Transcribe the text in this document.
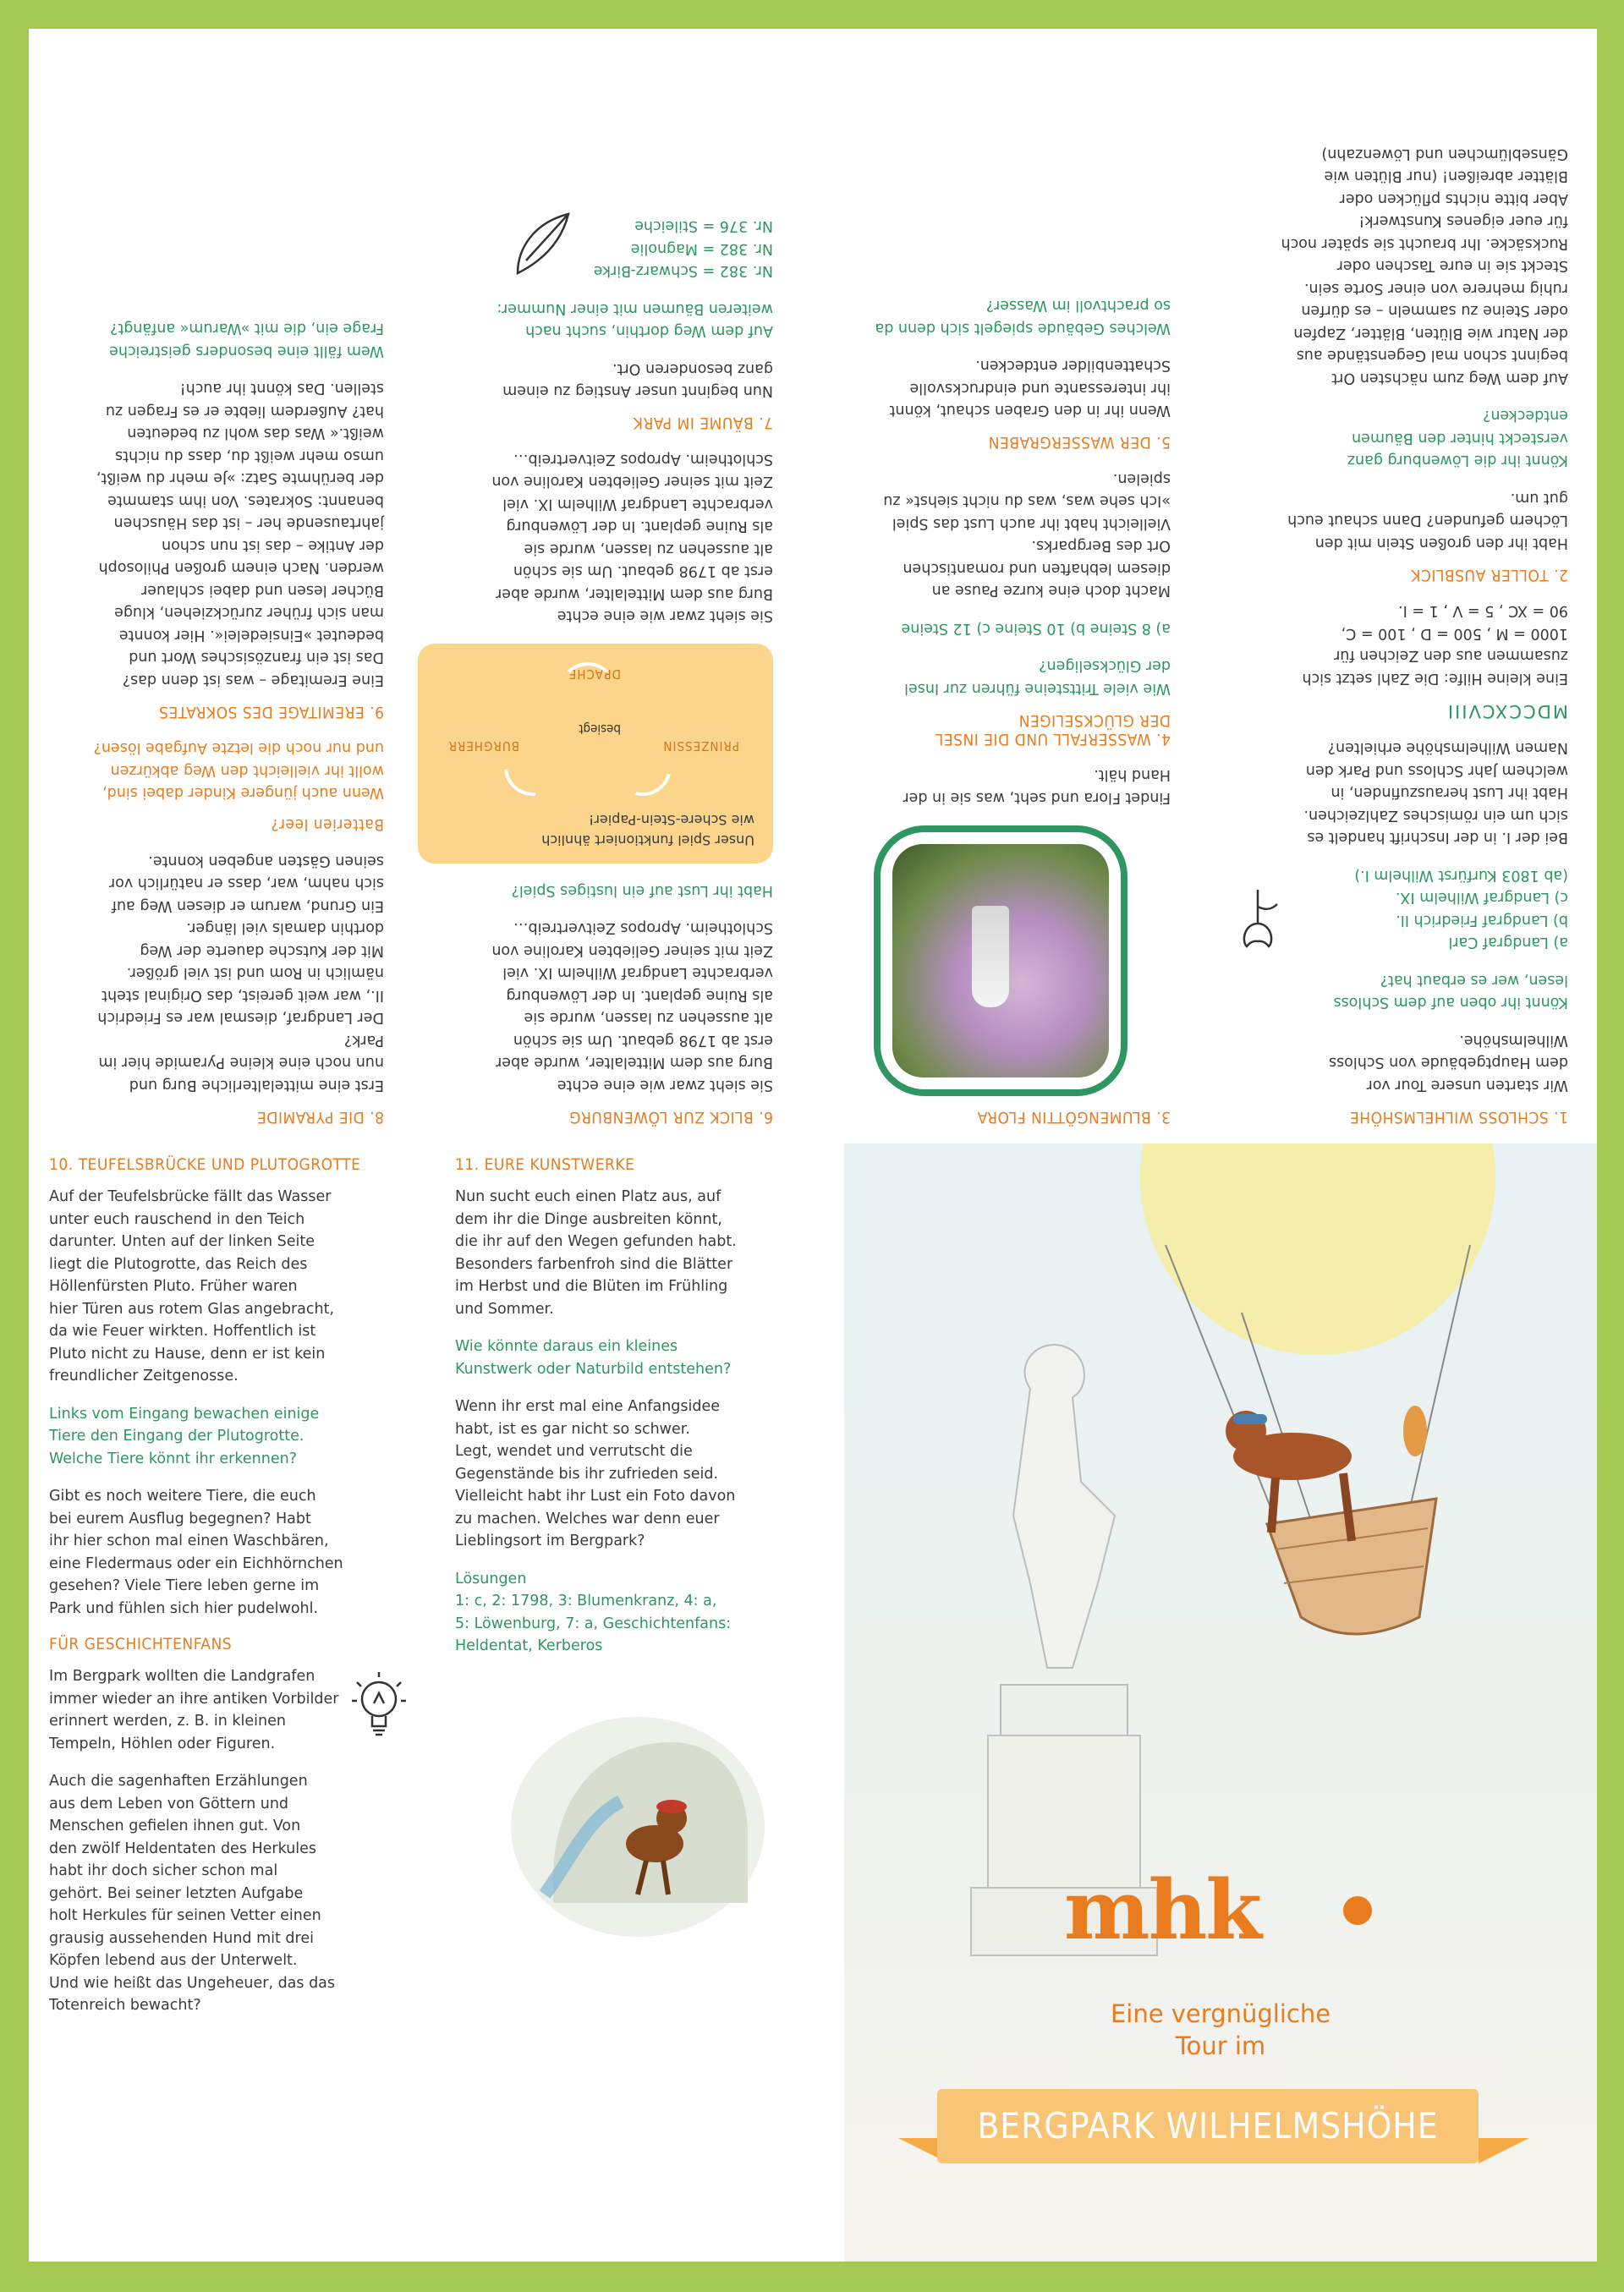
1. SCHLOSS WILHELMSHÖHE
Wir starten unsere Tour vor
dem Hauptgebäude von Schloss
Wilhelmshöhe.
Könnt ihr oben auf dem Schloss
lesen, wer es erbaut hat?
a) Landgraf Carl
b) Landgraf Friedrich II.
c) Landgraf Wilhelm IX.
(ab 1803 Kurfürst Wilhelm I.)
Bei der I. in der Inschrift handelt es
sich um ein römisches Zahlzeichen.
Habt ihr Lust herauszufinden, in
welchem Jahr Schloss und Park den
Namen Wilhelmshöhe erhielten?
MDCCXCVIII
Eine kleine Hilfe: Die Zahl setzt sich
zusammen aus den Zeichen für
1000 = M , 500 = D , 100 = C,
90 = XC , 5 = V , 1 = I.
2. TOLLER AUSBLICK
Habt ihr den großen Stein mit den
Löchern gefunden? Dann schaut euch
gut um.
Könnt ihr die Löwenburg ganz
versteckt hinter den Bäumen
entdecken?
Auf dem Weg zum nächsten Ort
beginnt schon mal Gegenstände aus
der Natur wie Blüten, Blätter, Zapfen
oder Steine zu sammeln – es dürfen
ruhig mehrere von einer Sorte sein.
Steckt sie in eure Taschen oder
Rucksäcke. Ihr braucht sie später noch
für euer eigenes Kunstwerk!
Aber bitte nichts pflücken oder
Blätter abreißen! (nur Blüten wie
Gänseblümchen und Löwenzahn)
3. BLUMENGÖTTIN FLORA
Findet Flora und seht, was sie in der
Hand hält.
4. WASSERFALL UND DIE INSEL
DER GLÜCKSELIGEN
Wie viele Trittsteine führen zur Insel
der Glückseligen?
a) 8 Steine b) 10 Steine c) 12 Steine
Macht doch eine kurze Pause an
diesem lebhaften und romantischen
Ort des Bergparks.
Vielleicht habt ihr auch Lust das Spiel
»Ich sehe was, was du nicht siehst« zu
spielen.
5. DER WASSERGRABEN
Wenn ihr in den Graben schaut, könnt
ihr interessante und eindrucksvolle
Schattenbilder entdecken.
Welches Gebäude spiegelt sich denn da
so prachtvoll im Wasser?
6. BLICK ZUR LÖWENBURG
Sie sieht zwar wie eine echte
Burg aus dem Mittelalter, wurde aber
erst ab 1798 gebaut. Um sie schön
alt aussehen zu lassen, wurde sie
als Ruine geplant. In der Löwenburg
verbrachte Landgraf Wilhelm IX. viel
Zeit mit seiner Geliebten Karoline von
Schlotheim. Apropos Zeitvertreib…
Habt ihr Lust auf ein lustiges Spiel?
Unser Spiel funktioniert ähnlich
wie Schere-Stein-Papier!
besiegt
PRINZESSIN
BURGHERR
DRACHE
Sie sieht zwar wie eine echte
Burg aus dem Mittelalter, wurde aber
erst ab 1798 gebaut. Um sie schön
alt aussehen zu lassen, wurde sie
als Ruine geplant. In der Löwenburg
verbrachte Landgraf Wilhelm IX. viel
Zeit mit seiner Geliebten Karoline von
Schlotheim. Apropos Zeitvertreib…
7. BÄUME IM PARK
Nun beginnt unser Anstieg zu einem
ganz besonderen Ort.
Auf dem Weg dorthin, sucht nach
weiteren Bäumen mit einer Nummer:
Nr. 382 = Schwarz-Birke
Nr. 382 = Magnolie
Nr. 376 = Stileiche
8. DIE PYRAMIDE
Erst eine mittelalterliche Burg und
nun noch eine kleine Pyramide hier im
Park?
Der Landgraf, diesmal war es Friedrich
II., war weit gereist, das Original steht
nämlich in Rom und ist viel größer.
Mit der Kutsche dauerte der Weg
dorthin damals viel länger.
Ein Grund, warum er diesen Weg auf
sich nahm, war, dass er natürlich vor
seinen Gästen angeben konnte.
Batterien leer?
Wenn auch jüngere Kinder dabei sind,
wollt ihr vielleicht den Weg abkürzen
und nur noch die letzte Aufgabe lösen?
9. EREMITAGE DES SOKRATES
Eine Eremitage – was ist denn das?
Das ist ein französisches Wort und
bedeutet »Einsiedelei«. Hier konnte
man sich früher zurückziehen, kluge
Bücher lesen und dabei schlauer
werden. Nach einem großen Philosoph
der Antike – das ist nun schon
jahrtausende her – ist das Häuschen
benannt: Sokrates. Von ihm stammte
der berühmte Satz: »Je mehr du weißt,
umso mehr weißt du, dass du nichts
weißt.« Was das wohl zu bedeuten
hat? Außerdem liebte er es Fragen zu
stellen. Das könnt ihr auch!
Wem fällt eine besonders geistreiche
Frage ein, die mit »Warum« anfängt?
10. TEUFELSBRÜCKE UND PLUTOGROTTE
Auf der Teufelsbrücke fällt das Wasser
unter euch rauschend in den Teich
darunter. Unten auf der linken Seite
liegt die Plutogrotte, das Reich des
Höllenfürsten Pluto. Früher waren
hier Türen aus rotem Glas angebracht,
da wie Feuer wirkten. Hoffentlich ist
Pluto nicht zu Hause, denn er ist kein
freundlicher Zeitgenosse.
Links vom Eingang bewachen einige
Tiere den Eingang der Plutogrotte.
Welche Tiere könnt ihr erkennen?
Gibt es noch weitere Tiere, die euch
bei eurem Ausflug begegnen? Habt
ihr hier schon mal einen Waschbären,
eine Fledermaus oder ein Eichhörnchen
gesehen? Viele Tiere leben gerne im
Park und fühlen sich hier pudelwohl.
FÜR GESCHICHTENFANS
Im Bergpark wollten die Landgrafen
immer wieder an ihre antiken Vorbilder
erinnert werden, z. B. in kleinen
Tempeln, Höhlen oder Figuren.
Auch die sagenhaften Erzählungen
aus dem Leben von Göttern und
Menschen gefielen ihnen gut. Von
den zwölf Heldentaten des Herkules
habt ihr doch sicher schon mal
gehört. Bei seiner letzten Aufgabe
holt Herkules für seinen Vetter einen
grausig aussehenden Hund mit drei
Köpfen lebend aus der Unterwelt.
Und wie heißt das Ungeheuer, das das
Totenreich bewacht?
11. EURE KUNSTWERKE
Nun sucht euch einen Platz aus, auf
dem ihr die Dinge ausbreiten könnt,
die ihr auf den Wegen gefunden habt.
Besonders farbenfroh sind die Blätter
im Herbst und die Blüten im Frühling
und Sommer.
Wie könnte daraus ein kleines
Kunstwerk oder Naturbild entstehen?
Wenn ihr erst mal eine Anfangsidee
habt, ist es gar nicht so schwer.
Legt, wendet und verrutscht die
Gegenstände bis ihr zufrieden seid.
Vielleicht habt ihr Lust ein Foto davon
zu machen. Welches war denn euer
Lieblingsort im Bergpark?
Lösungen
1: c, 2: 1798, 3: Blumenkranz, 4: a,
5: Löwenburg, 7: a, Geschichtenfans:
Heldentat, Kerberos
mhk
Eine vergnügliche
Tour im
BERGPARK WILHELMSHÖHE
